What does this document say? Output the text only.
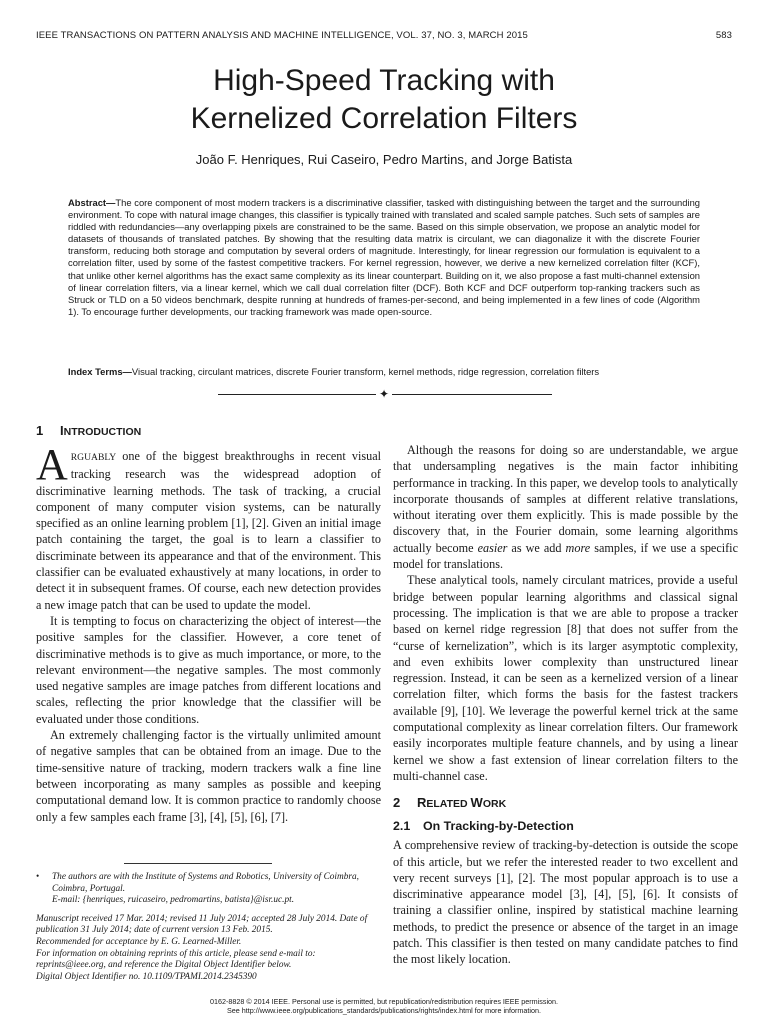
IEEE TRANSACTIONS ON PATTERN ANALYSIS AND MACHINE INTELLIGENCE, VOL. 37, NO. 3, MARCH 2015	583
High-Speed Tracking with
Kernelized Correlation Filters
João F. Henriques, Rui Caseiro, Pedro Martins, and Jorge Batista

Abstract—The core component of most modern trackers is a discriminative classifier, tasked with distinguishing between the target and the surrounding environment. To cope with natural image changes, this classifier is typically trained with translated and scaled sample patches. Such sets of samples are riddled with redundancies—any overlapping pixels are constrained to be the same. Based on this simple observation, we propose an analytic model for datasets of thousands of translated patches. By showing that the resulting data matrix is circulant, we can diagonalize it with the discrete Fourier transform, reducing both storage and computation by several orders of magnitude. Interestingly, for linear regression our formulation is equivalent to a correlation filter, used by some of the fastest competitive trackers. For kernel regression, however, we derive a new kernelized correlation filter (KCF), that unlike other kernel algorithms has the exact same complexity as its linear counterpart. Building on it, we also propose a fast multi-channel extension of linear correlation filters, via a linear kernel, which we call dual correlation filter (DCF). Both KCF and DCF outperform top-ranking trackers such as Struck or TLD on a 50 videos benchmark, despite running at hundreds of frames-per-second, and being implemented in a few lines of code (Algorithm 1). To encourage further developments, our tracking framework was made open-source.

Index Terms—Visual tracking, circulant matrices, discrete Fourier transform, kernel methods, ridge regression, correlation filters

✦
1 INTRODUCTION

ARGUABLY one of the biggest breakthroughs in recent visual tracking research was the widespread adoption of discriminative learning methods. The task of tracking, a crucial component of many computer vision systems, can be naturally specified as an online learning problem [1], [2]. Given an initial image patch containing the target, the goal is to learn a classifier to discriminate between its appearance and that of the environment. This classifier can be evaluated exhaustively at many locations, in order to detect it in subsequent frames. Of course, each new detection provides a new image patch that can be used to update the model.

It is tempting to focus on characterizing the object of interest—the positive samples for the classifier. However, a core tenet of discriminative methods is to give as much importance, or more, to the relevant environment—the negative samples. The most commonly used negative samples are image patches from different locations and scales, reflecting the prior knowledge that the classifier will be evaluated under those conditions.

An extremely challenging factor is the virtually unlimited amount of negative samples that can be obtained from an image. Due to the time-sensitive nature of tracking, modern trackers walk a fine line between incorporating as many samples as possible and keeping computational demand low. It is common practice to randomly choose only a few samples each frame [3], [4], [5], [6], [7].

Although the reasons for doing so are understandable, we argue that undersampling negatives is the main factor inhibiting performance in tracking. In this paper, we develop tools to analytically incorporate thousands of samples at different relative translations, without iterating over them explicitly. This is made possible by the discovery that, in the Fourier domain, some learning algorithms actually become easier as we add more samples, if we use a specific model for translations.

These analytical tools, namely circulant matrices, provide a useful bridge between popular learning algorithms and classical signal processing. The implication is that we are able to propose a tracker based on kernel ridge regression [8] that does not suffer from the “curse of kernelization”, which is its larger asymptotic complexity, and even exhibits lower complexity than unstructured linear regression. Instead, it can be seen as a kernelized version of a linear correlation filter, which forms the basis for the fastest trackers available [9], [10]. We leverage the powerful kernel trick at the same computational complexity as linear correlation filters. Our framework easily incorporates multiple feature channels, and by using a linear kernel we show a fast extension of linear correlation filters to the multi-channel case.

2 RELATED WORK
2.1 On Tracking-by-Detection

A comprehensive review of tracking-by-detection is outside the scope of this article, but we refer the interested reader to two excellent and very recent surveys [1], [2]. The most popular approach is to use a discriminative appearance model [3], [4], [5], [6]. It consists of training a classifier online, inspired by statistical machine learning methods, to predict the presence or absence of the target in an image patch. This classifier is then tested on many candidate patches to find the most likely location.

• The authors are with the Institute of Systems and Robotics, University of Coimbra, Coimbra, Portugal.

E-mail: {henriques, ruicaseiro, pedromartins, batista}@isr.uc.pt.

Manuscript received 17 Mar. 2014; revised 11 July 2014; accepted 28 July 2014. Date of publication 31 July 2014; date of current version 13 Feb. 2015.

Recommended for acceptance by E. G. Learned-Miller.

For information on obtaining reprints of this article, please send e-mail to: reprints@ieee.org, and reference the Digital Object Identifier below.

Digital Object Identifier no. 10.1109/TPAMI.2014.2345390

0162-8828 © 2014 IEEE. Personal use is permitted, but republication/redistribution requires IEEE permission.
See http://www.ieee.org/publications_standards/publications/rights/index.html for more information.
